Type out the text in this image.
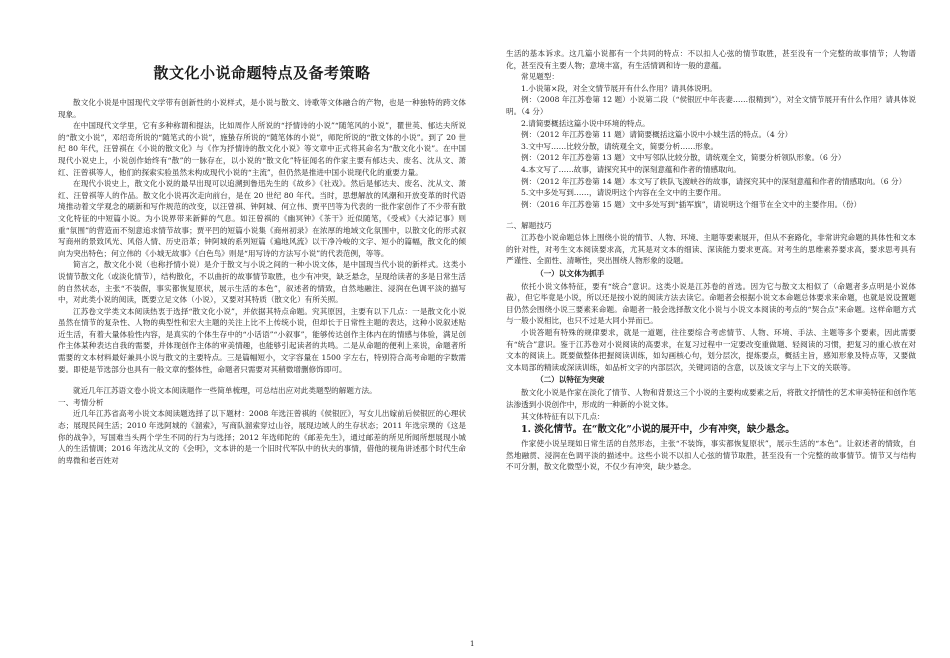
散文化小说命题特点及备考策略

散文化小说是中国现代文学带有创新性的小说样式，是小说与散文、诗歌等文体融合的产物，也是一种独特的跨文体现象。

在中国现代文学里，它有多种称谓和提法，比如周作人所说的“抒情诗的小说”“随笔风的小说”，瞿世英、郁达夫所说的“散文小说”，邓绍奇所说的“随笔式的小说”，施蛰存所说的“随笔体的小说”，师陀所说的“散文体的小说”。到了 20 世纪 80 年代，汪曾祺在《小说的散文化》与《作为抒情诗的散文化小说》等文章中正式将其命名为“散文化小说”。在中国现代小说史上，小说创作始终有“散”的一脉存在，以小说的“散文化”特征闻名的作家主要有郁达夫、废名、沈从文、萧红、汪曾祺等人，他们的探索实验虽然未构成现代小说的“主流”，但仍然是推进中国小说现代化的重要力量。

在现代小说史上，散文化小说的最早出现可以追溯到鲁迅先生的《故乡》《社戏》。然后是郁达夫、废名、沈从文、萧红、汪曾祺等人的作品。散文化小说再次走向前台，是在 20 世纪 80 年代。当时，思想解放的风潮和开放变革的时代语境推动着文学观念的刷新和写作规范的改变，以汪曾祺、钟阿城、何立伟、贾平凹等为代表的一批作家创作了不少带有散文化特征的中短篇小说。为小说界带来新鲜的气息。如汪曾祺的《幽冥钟》《茶干》近似随笔，《受戒》《大淖记事》则重“氛围”的营造而不刻意追求情节故事；贾平凹的短篇小说集《商州初录》在浓厚的地域文化氛围中，以散文化的形式叙写商州的景致风光、风俗人情、历史沿革；钟阿城的系列短篇《遍地风流》以干净冷峻的文字、短小的篇幅，散文化的倾向为突出特色；何立伟的《小城无故事》《白色鸟》则是“用写诗的方法写小说”的代表范例，等等。

简言之，散文化小说（也称抒情小说）是介于散文与小说之间的一种小说文体，是中国现当代小说的新样式。这类小说情节散文化（或淡化情节），结构散化，不以曲折的故事情节取胜，也少有冲突，缺乏悬念，呈现给读者的多是日常生活的自然状态，主张“不装假，事实都恢复原状，展示生活的本色”，叙述者的情致，自然地融注、浸润在色调平淡的描写中，对此类小说的阅读，既要立足文体（小说），又要对其特质（散文化）有所关照。

江苏卷文学类文本阅读热衷于选择“散文化小说”，并依据其特点命题。究其原因，主要有以下几点：一是散文化小说虽然在情节的复杂性、人物的典型性和宏大主题的关注上比不上传统小说，但却长于日常性主题的表达，这种小说叙述贴近生活，有着大量体验性内容，是真实的个体生存中的“小话语”“小叙事”，能够传达创作主体内在的情感与体验，满足创作主体某种表达自我的需要，并体现创作主体的审美情趣，也能够引起读者的共鸣。二是从命题的便利上来说，命题者所需要的文本材料最好兼具小说与散文的主要特点。三是篇幅短小，文字容量在 1500 字左右，特别符合高考命题的字数需要。即使是节选部分也具有一般文章的整体性，命题者只需要对其稍微增删修饰即可。

就近几年江苏语文卷小说文本阅读题作一些简单梳理，可总结出应对此类题型的解题方法。

一、考情分析

近几年江苏省高考小说文本阅读题选择了以下题材：2008 年选汪曾祺的《侯银匠》，写女儿出嫁前后侯银匠的心理状态；展现民间生活；2010 年选阿城的《溜索》，写商队溜索穿过山谷，展现边域人的生存状态；2011 年选宗璞的《这是你的战争》，写国难当头两个学生不同的行为与选择；2012 年选师陀的《邮差先生》，通过邮差的所见所闻所想展现小城人的生活情调；2016 年选沈从文的《会明》，文本讲的是一个旧时代军队中的伙夫的事情，借他的视角讲述那个时代生命的卑微和老百姓对

生活的基本诉求。这几篇小说都有一个共同的特点：不以扣人心弦的情节取胜，甚至没有一个完整的故事情节；人物谱化，甚至没有主要人物；意境丰富，有生活情调和诗一般的意蕴。

常见题型：

1.小说第×段，对全文情节展开有什么作用？请具体说明。

例：（2008 年江苏卷第 12 题）小说第二段（“侯银匠中年丧妻……很精到”），对全文情节展开有什么作用？请具体说明。（4 分）

2.请简要概括这篇小说中环境的特点。

例：（2012 年江苏卷第 11 题）请简要概括这篇小说中小城生活的特点。（4 分）

3.文中写……比较分散，请统观全文，简要分析……形象。

例：（2012 年江苏卷第 13 题）文中写邻队比较分散，请统观全文，简要分析领队形象。（6 分）

4.本文写了……故事，请探究其中的深刻意蕴和作者的情感取向。

例：（2012 年江苏卷第 14 题）本文写了轶队飞渡峡谷的故事，请探究其中的深刻意蕴和作者的情感取向。（6 分）

5.文中多处写到……，请说明这个内容在全文中的主要作用。

例：（2016 年江苏卷第 15 题）文中多处写到“插军旗”，请说明这个细节在全文中的主要作用。（份）

二、解题技巧

江苏卷小说命题总体上围绕小说的情节、人物、环境、主题等要素展开，但从不套路化，非常讲究命题的具体性和文本的针对性，对考生文本阅读要求高，尤其是对文本的细读、深读能力要求更高。对考生的思维素养要求高，要求思考具有严谨性、全面性、清晰性，突出围绕人物形象的设题。

（一）以文体为抓手

依托小说文体特征，要有“统合”意识。这类小说是江苏卷的首选。因为它与散文太相似了（命题者多点明是小说体裁），但它毕竟是小说，所以还是按小说的阅读方法去读它。命题者会根据小说文本命题总体要求来命题，也就是说设置题目仍然会围绕小说三要素来命题。命题者一般会选择散文化小说与小说文本阅读的考点的“契合点”来命题。这样命题方式与一般小说相比，也只不过是大同小异而已。

小说答题有特殊的规律要求，就是一道题，往往要综合考虑情节、人物、环境、手法、主题等多个要素，因此需要有“统合”意识。鉴于江苏卷对小说阅读的高要求，在复习过程中一定要改变重做题、轻阅读的习惯，把复习的重心放在对文本的阅读上。既要做整体把握阅读训练，如勾画核心句，划分层次，提炼要点，概括主旨，感知形象及特点等，又要做文本局部的精读或深读训练，如品析文字的内部层次，关键词语的含意，以及该文字与上下文的关联等。

（二）以特征为突破

散文化小说是作家在淡化了情节、人物和背景这三个小说的主要构成要素之后，将散文抒情性的艺术审美特征和创作笔法渗透到小说创作中，形成的一种新的小说文体。

其文体特征有以下几点：

1. 淡化情节。在“散文化”小说的展开中，少有冲突，缺少悬念。

作家使小说呈现如日常生活的自然形态，主张“不装饰，事实都恢复原状”，展示生活的“本色”。让叙述者的情致，自然地融贯、浸润在色调平淡的描述中。这些小说不以扣人心弦的情节取胜，甚至没有一个完整的故事情节。情节又与结构不可分割，散文化微型小说，不仅少有冲突，缺少悬念。

1
